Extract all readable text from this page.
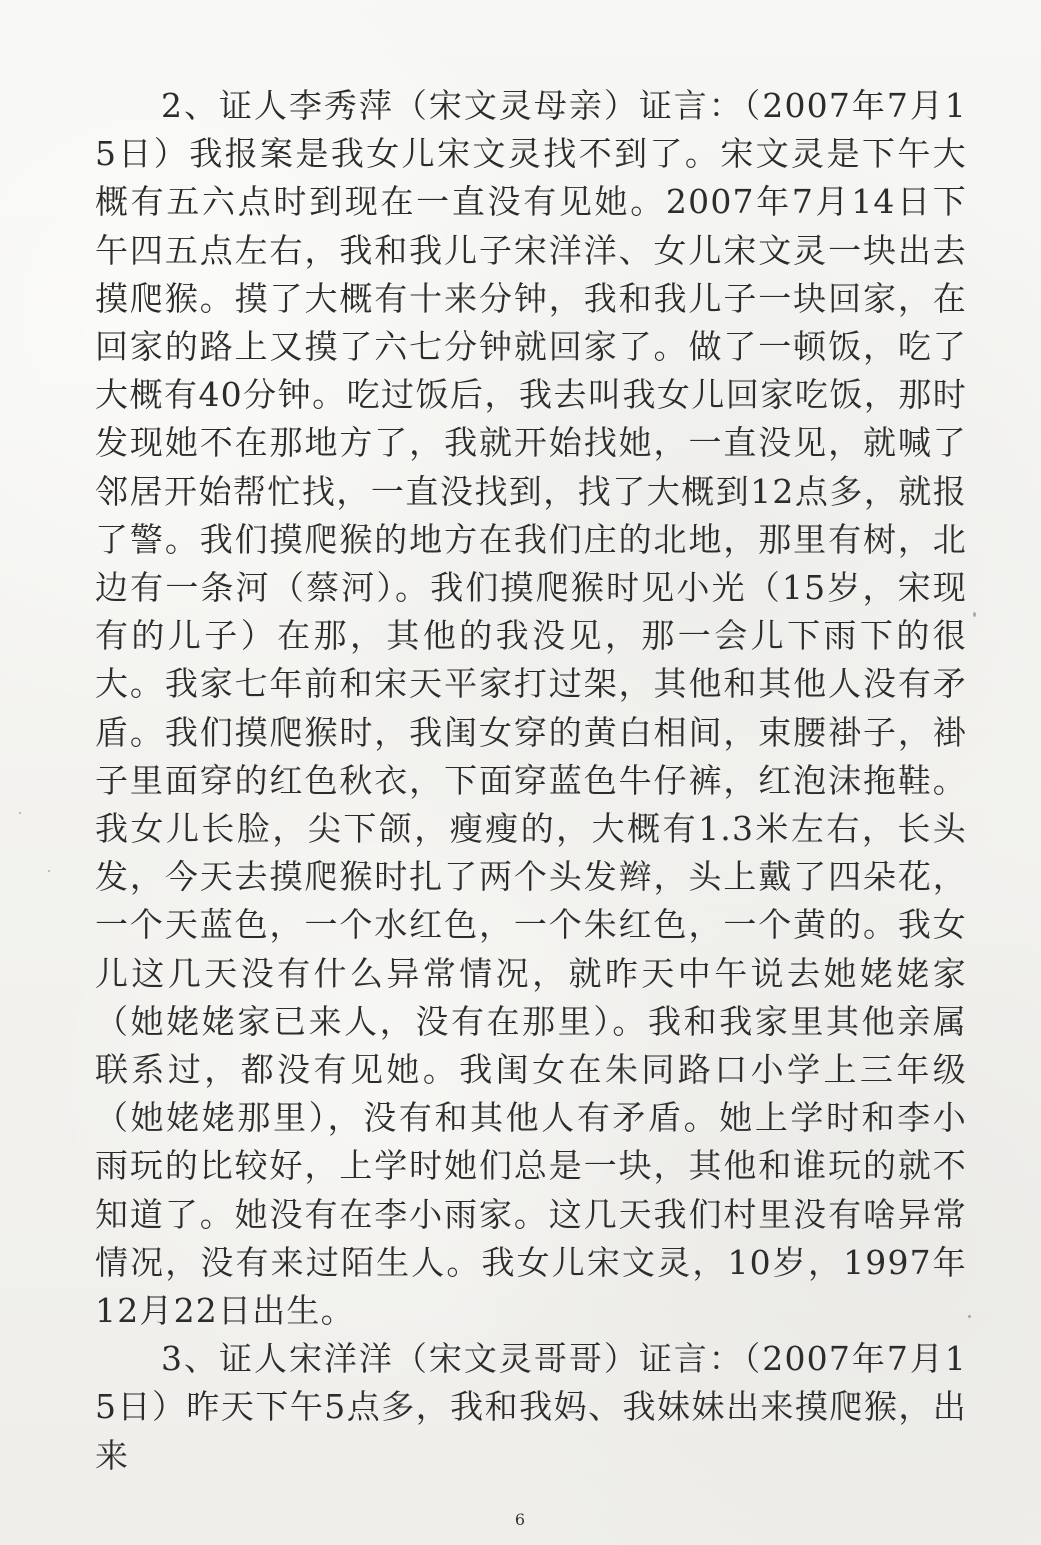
2、证人李秀萍（宋文灵母亲）证言：（2007年7月15日）我报案是我女儿宋文灵找不到了。宋文灵是下午大概有五六点时到现在一直没有见她。2007年7月14日下午四五点左右，我和我儿子宋洋洋、女儿宋文灵一块出去摸爬猴。摸了大概有十来分钟，我和我儿子一块回家，在回家的路上又摸了六七分钟就回家了。做了一顿饭，吃了大概有40分钟。吃过饭后，我去叫我女儿回家吃饭，那时发现她不在那地方了，我就开始找她，一直没见，就喊了邻居开始帮忙找，一直没找到，找了大概到12点多，就报了警。我们摸爬猴的地方在我们庄的北地，那里有树，北边有一条河（蔡河）。我们摸爬猴时见小光（15岁，宋现有的儿子）在那，其他的我没见，那一会儿下雨下的很大。我家七年前和宋天平家打过架，其他和其他人没有矛盾。我们摸爬猴时，我闺女穿的黄白相间，束腰褂子，褂子里面穿的红色秋衣，下面穿蓝色牛仔裤，红泡沫拖鞋。我女儿长脸，尖下颌，瘦瘦的，大概有1.3米左右，长头发，今天去摸爬猴时扎了两个头发辫，头上戴了四朵花，一个天蓝色，一个水红色，一个朱红色，一个黄的。我女儿这几天没有什么异常情况，就昨天中午说去她姥姥家（她姥姥家已来人，没有在那里）。我和我家里其他亲属联系过，都没有见她。我闺女在朱同路口小学上三年级（她姥姥那里），没有和其他人有矛盾。她上学时和李小雨玩的比较好，上学时她们总是一块，其他和谁玩的就不知道了。她没有在李小雨家。这几天我们村里没有啥异常情况，没有来过陌生人。我女儿宋文灵，10岁，1997年12月22日出生。

3、证人宋洋洋（宋文灵哥哥）证言：（2007年7月15日）昨天下午5点多，我和我妈、我妹妹出来摸爬猴，出来

6
